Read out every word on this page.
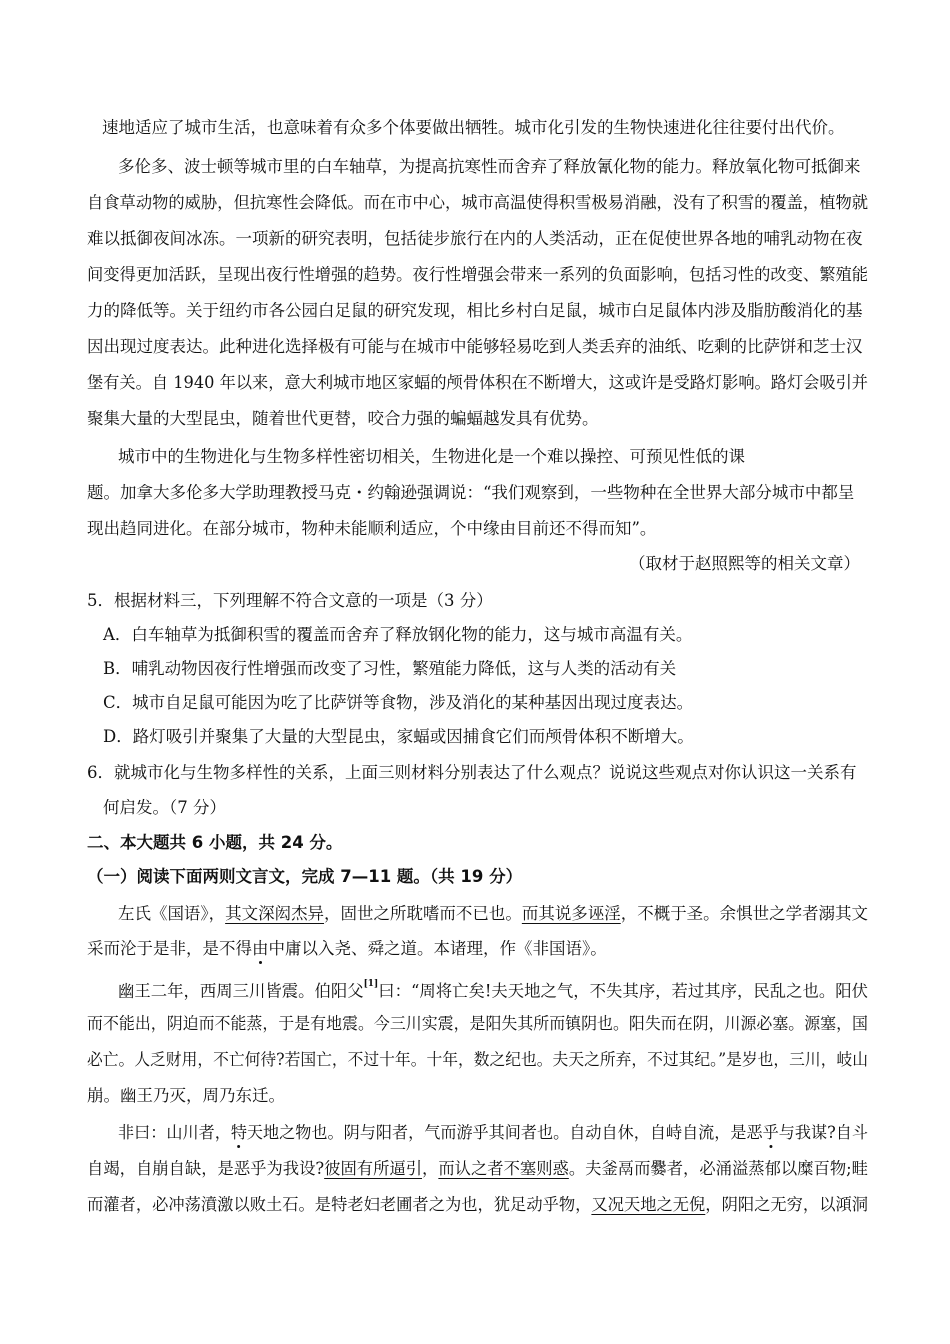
速地适应了城市生活，也意味着有众多个体要做出牺牲。城市化引发的生物快速进化往往要付出代价。
多伦多、波士顿等城市里的白车轴草，为提高抗寒性而舍弃了释放氰化物的能力。释放氧化物可抵御来
自食草动物的威胁，但抗寒性会降低。而在市中心，城市高温使得积雪极易消融，没有了积雪的覆盖，植物就
难以抵御夜间冰冻。一项新的研究表明，包括徒步旅行在内的人类活动，正在促使世界各地的哺乳动物在夜
间变得更加活跃，呈现出夜行性增强的趋势。夜行性增强会带来一系列的负面影响，包括习性的改变、繁殖能
力的降低等。关于纽约市各公园白足鼠的研究发现，相比乡村白足鼠，城市白足鼠体内涉及脂肪酸消化的基
因出现过度表达。此种进化选择极有可能与在城市中能够轻易吃到人类丢弃的油纸、吃剩的比萨饼和芝士汉
堡有关。自 1940 年以来，意大利城市地区家蝠的颅骨体积在不断增大，这或许是受路灯影响。路灯会吸引并
聚集大量的大型昆虫，随着世代更替，咬合力强的蝙蝠越发具有优势。
城市中的生物进化与生物多样性密切相关，生物进化是一个难以操控、可预见性低的课
题。加拿大多伦多大学助理教授马克・约翰逊强调说：“我们观察到，一些物种在全世界大部分城市中都呈
现出趋同进化。在部分城市，物种未能顺利适应，个中缘由目前还不得而知”。
（取材于赵照熙等的相关文章）
5．根据材料三，下列理解不符合文意的一项是（3 分）
A．白车轴草为抵御积雪的覆盖而舍弃了释放钢化物的能力，这与城市高温有关。
B．哺乳动物因夜行性增强而改变了习性，繁殖能力降低，这与人类的活动有关
C．城市自足鼠可能因为吃了比萨饼等食物，涉及消化的某种基因出现过度表达。
D．路灯吸引并聚集了大量的大型昆虫，家蝠或因捕食它们而颅骨体积不断增大。
6．就城市化与生物多样性的关系，上面三则材料分别表达了什么观点？说说这些观点对你认识这一关系有
何启发。（7 分）
二、本大题共 6 小题，共 24 分。
（一）阅读下面两则文言文，完成 7—11 题。（共 19 分）
左氏《国语》，其文深闳杰异，固世之所耽嗜而不已也。而其说多诬淫，不概于圣。余惧世之学者溺其文
采而沦于是非，是不得由中庸以入尧、舜之道。本诸理，作《非国语》。
幽王二年，西周三川皆震。伯阳父[1]曰：“周将亡矣!夫天地之气，不失其序，若过其序，民乱之也。阳伏
而不能出，阴迫而不能蒸，于是有地震。今三川实震，是阳失其所而镇阴也。阳失而在阴，川源必塞。源塞，国
必亡。人乏财用，不亡何待?若国亡，不过十年。十年，数之纪也。夫天之所弃，不过其纪。”是岁也，三川，岐山
崩。幽王乃灭，周乃东迁。
非曰：山川者，特天地之物也。阴与阳者，气而游乎其间者也。自动自休，自峙自流，是恶乎与我谋?自斗
自竭，自崩自缺，是恶乎为我设?彼固有所逼引，而认之者不塞则惑。夫釜鬲而爨者，必涌溢蒸郁以糜百物;畦
而灌者，必冲荡濆激以败土石。是特老妇老圃者之为也，犹足动乎物，又况天地之无倪，阴阳之无穷，以澒洞
